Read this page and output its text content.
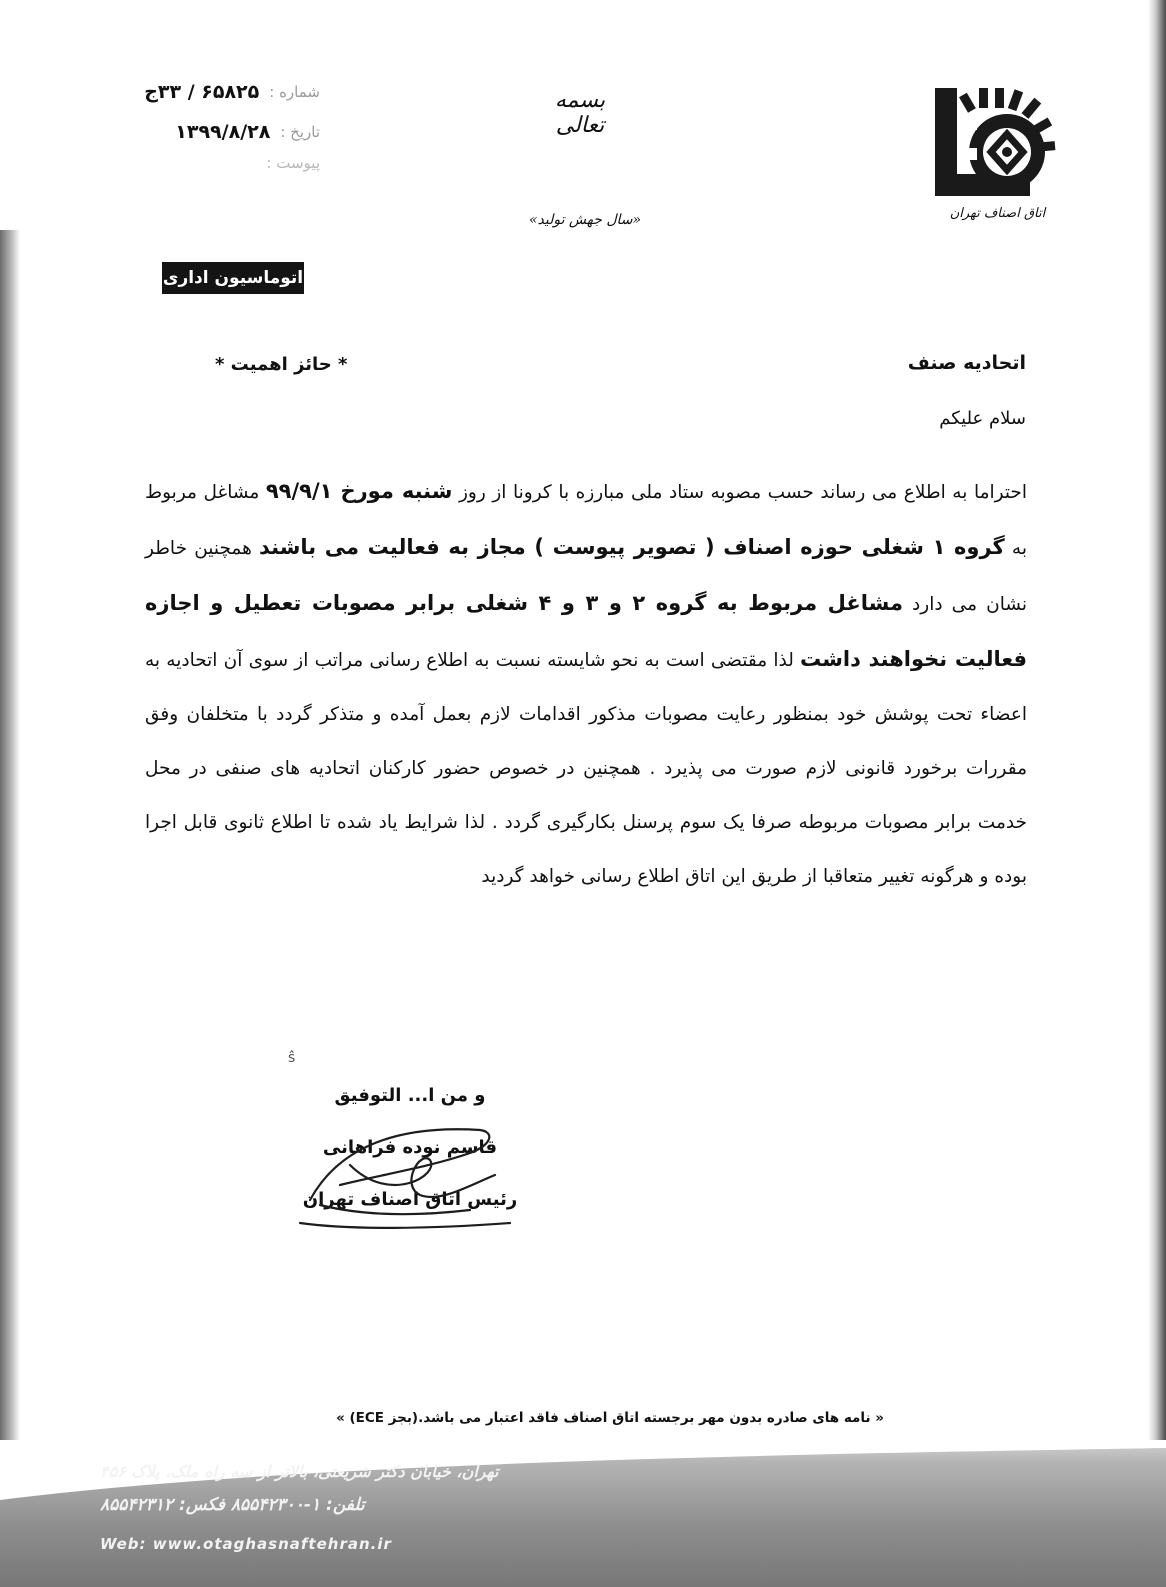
شماره :
۶۵۸۲۵ / ۳۳ج
تاریخ :
۱۳۹۹/۸/۲۸
پیوست :
بسمه تعالی
«سال جهش تولید»	اتاق اصناف تهران
اتوماسیون اداری
اتحادیه صنف
* حائز اهمیت *
سلام علیکم
احتراما به اطلاع می رساند حسب مصوبه ستاد ملی مبارزه با کرونا از روز شنبه مورخ ۹۹/۹/۱ مشاغل مربوط به گروه ۱ شغلی حوزه اصناف ( تصویر پیوست ) مجاز به فعالیت می باشند همچنین خاطر نشان می دارد مشاغل مربوط به گروه ۲ و ۳ و ۴ شغلی برابر مصوبات تعطیل و اجازه فعالیت نخواهند داشت لذا مقتضی است به نحو شایسته نسبت به اطلاع رسانی مراتب از سوی آن اتحادیه به اعضاء تحت پوشش خود بمنظور رعایت مصوبات مذکور اقدامات لازم بعمل آمده و متذکر گردد با متخلفان وفق مقررات برخورد قانونی لازم صورت می پذیرد . همچنین در خصوص حضور کارکنان اتحادیه های صنفی در محل خدمت برابر مصوبات مربوطه صرفا یک سوم پرسنل بکارگیری گردد . لذا شرایط یاد شده تا اطلاع ثانوی قابل اجرا بوده و هرگونه تغییر متعاقبا از طریق این اتاق اطلاع رسانی خواهد گردید
ŝ
و من ا... التوفیق
قاسم نوده فراهانی
رئیس اتاق اصناف تهران
« نامه های صادره بدون مهر برجسته اتاق اصناف فاقد اعتبار می باشد.(بجز ECE) »
تهران، خیابان دکتر شریعتی، بالاتر از سه راه ملک، پلاک ۴۵۶
تلفن: ۱-۸۵۵۴۲۳۰۰ فکس: ۸۵۵۴۲۳۱۲
Web: www.otaghasnaftehran.ir
